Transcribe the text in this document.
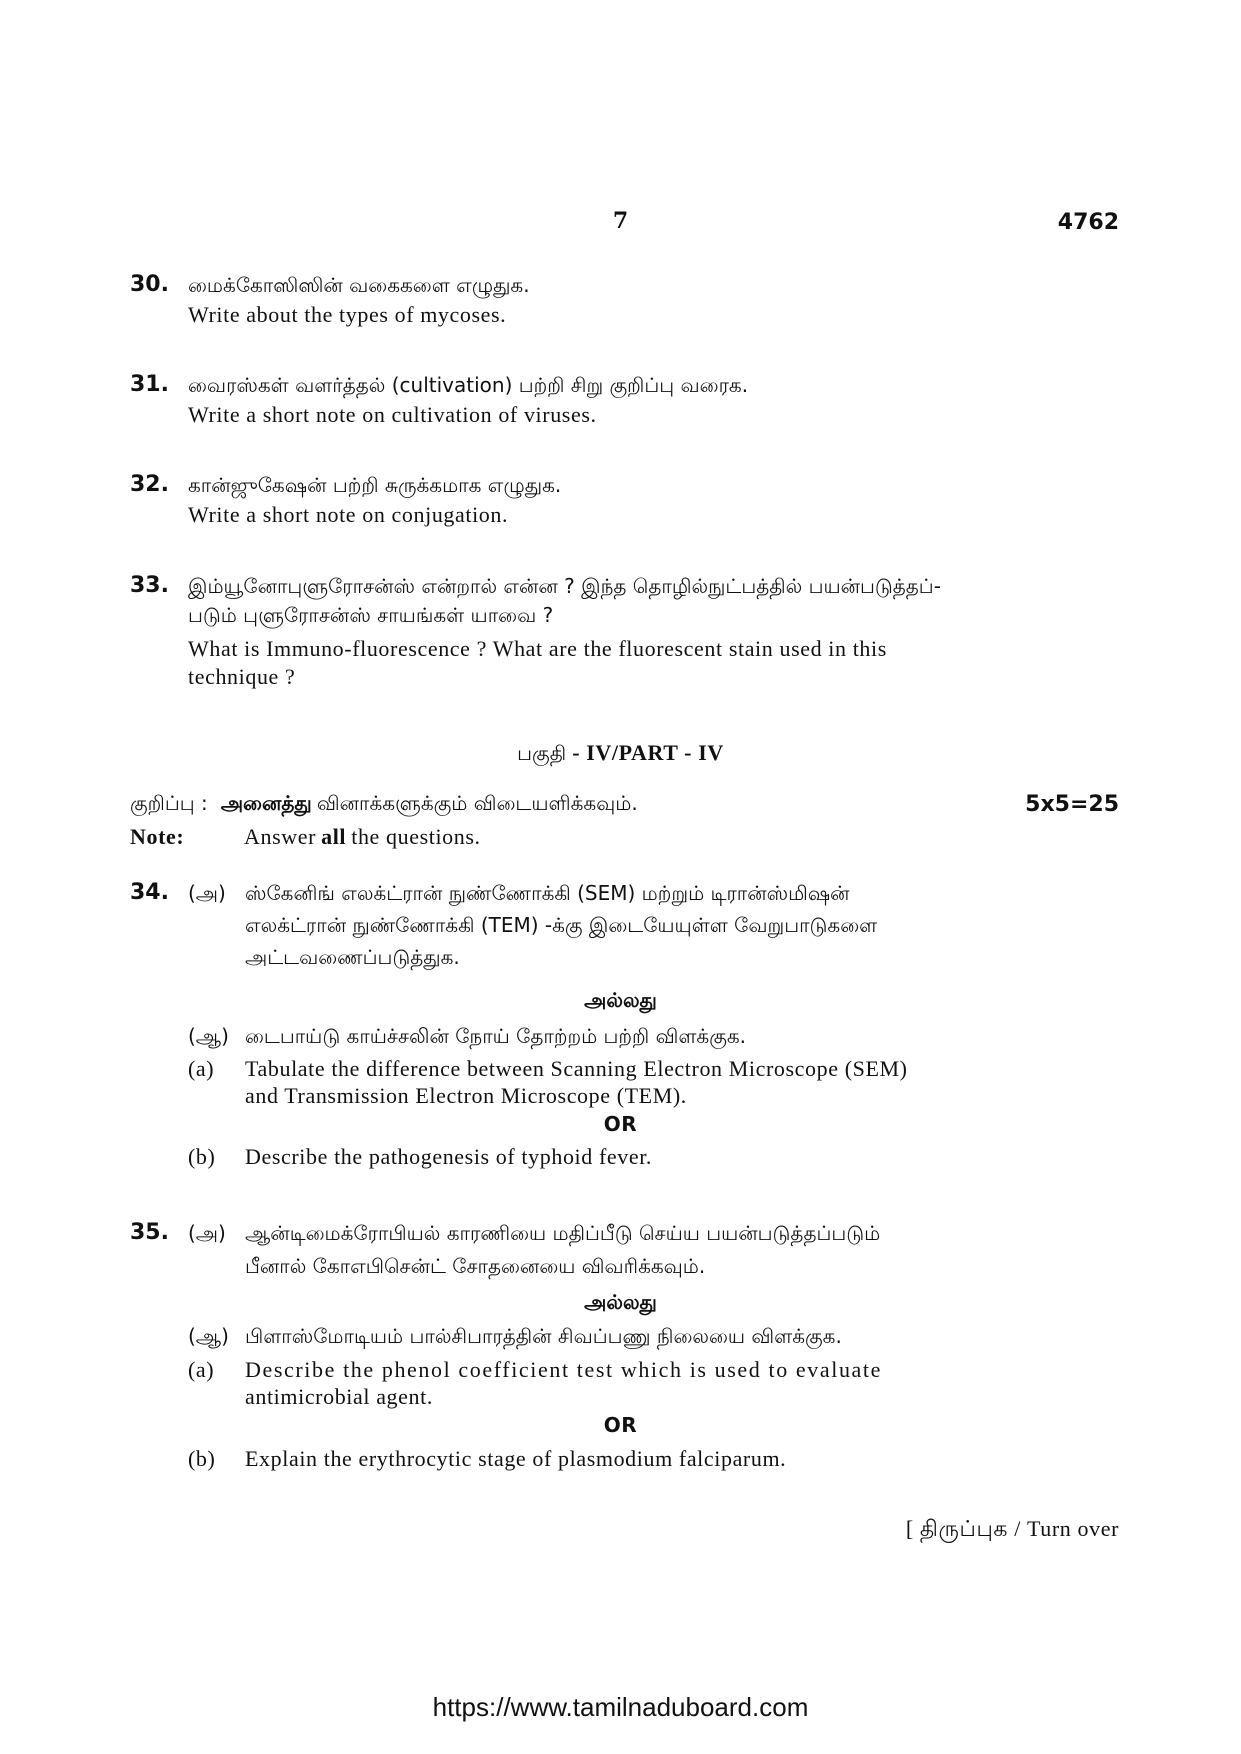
7	4762
30. மைக்கோஸிஸின் வகைகளை எழுதுக.
Write about the types of mycoses.
31. வைரஸ்கள் வளர்த்தல் (cultivation) பற்றி சிறு குறிப்பு வரைக.
Write a short note on cultivation of viruses.
32. கான்ஜுகேஷன் பற்றி சுருக்கமாக எழுதுக.
Write a short note on conjugation.
33. இம்யூனோபுளுரோசன்ஸ் என்றால் என்ன ? இந்த தொழில்நுட்பத்தில் பயன்படுத்தப்-
படும் புளுரோசன்ஸ் சாயங்கள் யாவை ?
What is Immuno-fluorescence ? What are the fluorescent stain used in this
technique ?
பகுதி - IV/PART - IV
குறிப்பு : அனைத்து வினாக்களுக்கும் விடையளிக்கவும்.	5x5=25
Note:	Answer all the questions.
34. (அ) ஸ்கேனிங் எலக்ட்ரான் நுண்ணோக்கி (SEM) மற்றும் டிரான்ஸ்மிஷன்
எலக்ட்ரான் நுண்ணோக்கி (TEM) -க்கு இடையேயுள்ள வேறுபாடுகளை
அட்டவணைப்படுத்துக.
அல்லது
(ஆ) டைபாய்டு காய்ச்சலின் நோய் தோற்றம் பற்றி விளக்குக.
(a) Tabulate the difference between Scanning Electron Microscope (SEM)
and Transmission Electron Microscope (TEM).
OR
(b) Describe the pathogenesis of typhoid fever.
35. (அ) ஆன்டிமைக்ரோபியல் காரணியை மதிப்பீடு செய்ய பயன்படுத்தப்படும்
பீனால் கோஎபிசென்ட் சோதனையை விவரிக்கவும்.
அல்லது
(ஆ) பிளாஸ்மோடியம் பால்சிபாரத்தின் சிவப்பணு நிலையை விளக்குக.
(a) Describe the phenol coefficient test which is used to evaluate
antimicrobial agent.
OR
(b) Explain the erythrocytic stage of plasmodium falciparum.
[ திருப்புக / Turn over
https://www.tamilnaduboard.com
